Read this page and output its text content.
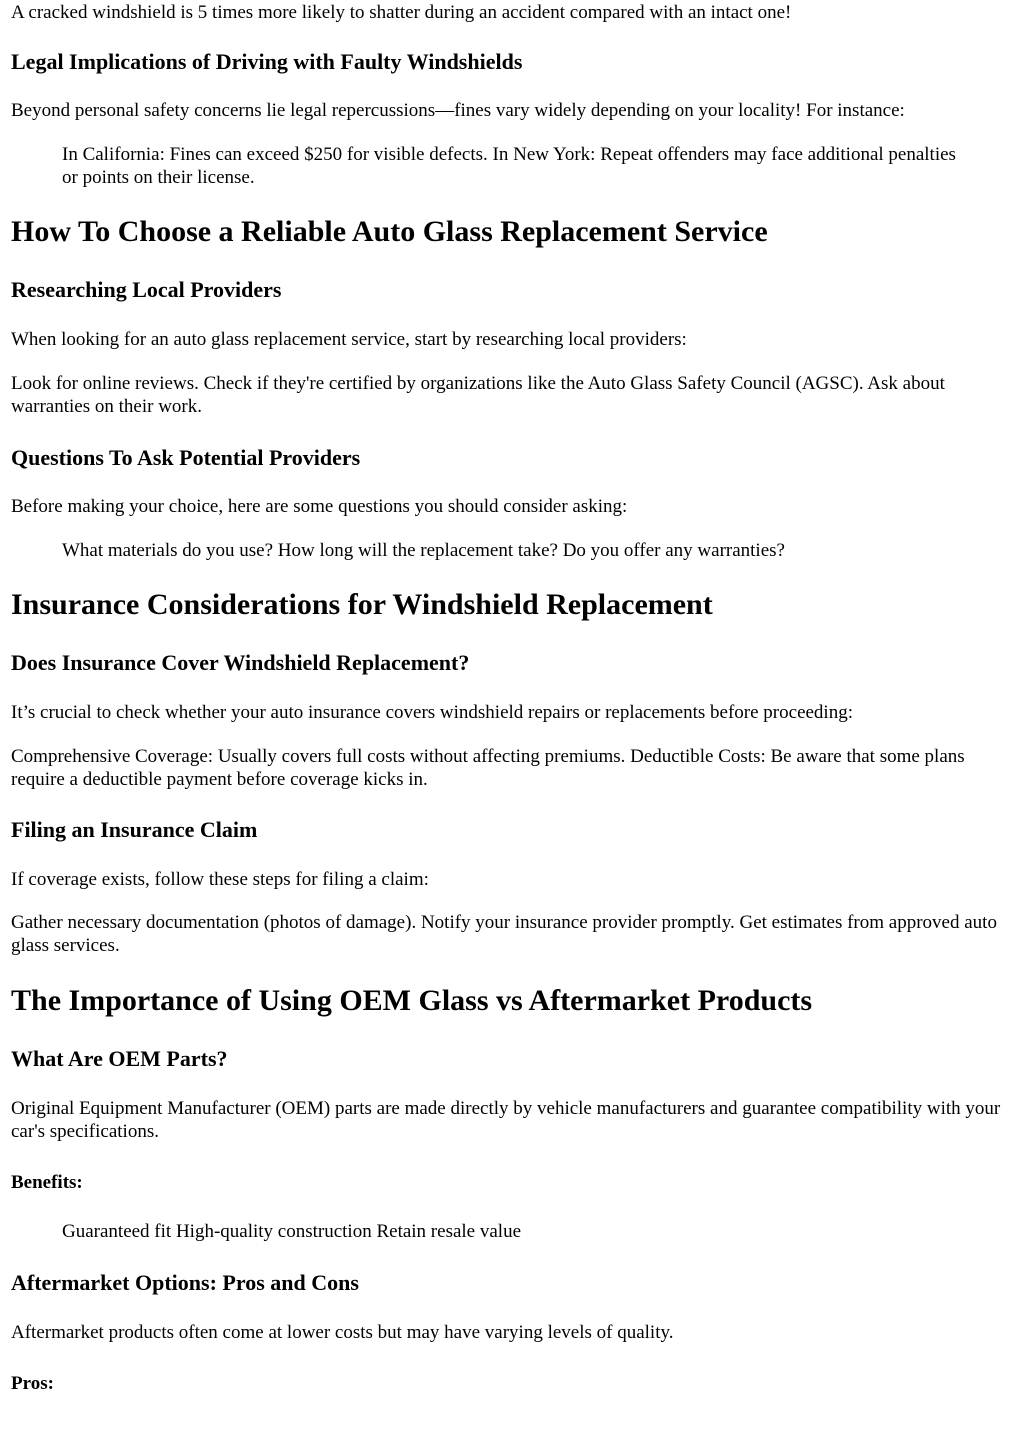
A cracked windshield is 5 times more likely to shatter during an accident compared with an intact one!

Legal Implications of Driving with Faulty Windshields

Beyond personal safety concerns lie legal repercussions—fines vary widely depending on your locality! For instance:

In California: Fines can exceed $250 for visible defects. In New York: Repeat offenders may face additional penalties or points on their license.

How To Choose a Reliable Auto Glass Replacement Service
Researching Local Providers

When looking for an auto glass replacement service, start by researching local providers:

Look for online reviews. Check if they're certified by organizations like the Auto Glass Safety Council (AGSC). Ask about warranties on their work.

Questions To Ask Potential Providers

Before making your choice, here are some questions you should consider asking:

What materials do you use? How long will the replacement take? Do you offer any warranties?

Insurance Considerations for Windshield Replacement
Does Insurance Cover Windshield Replacement?

It’s crucial to check whether your auto insurance covers windshield repairs or replacements before proceeding:

Comprehensive Coverage: Usually covers full costs without affecting premiums. Deductible Costs: Be aware that some plans require a deductible payment before coverage kicks in.

Filing an Insurance Claim

If coverage exists, follow these steps for filing a claim:

Gather necessary documentation (photos of damage). Notify your insurance provider promptly. Get estimates from approved auto glass services.

The Importance of Using OEM Glass vs Aftermarket Products
What Are OEM Parts?

Original Equipment Manufacturer (OEM) parts are made directly by vehicle manufacturers and guarantee compatibility with your car's specifications.

Benefits:

Guaranteed fit High-quality construction Retain resale value

Aftermarket Options: Pros and Cons

Aftermarket products often come at lower costs but may have varying levels of quality.

Pros:
